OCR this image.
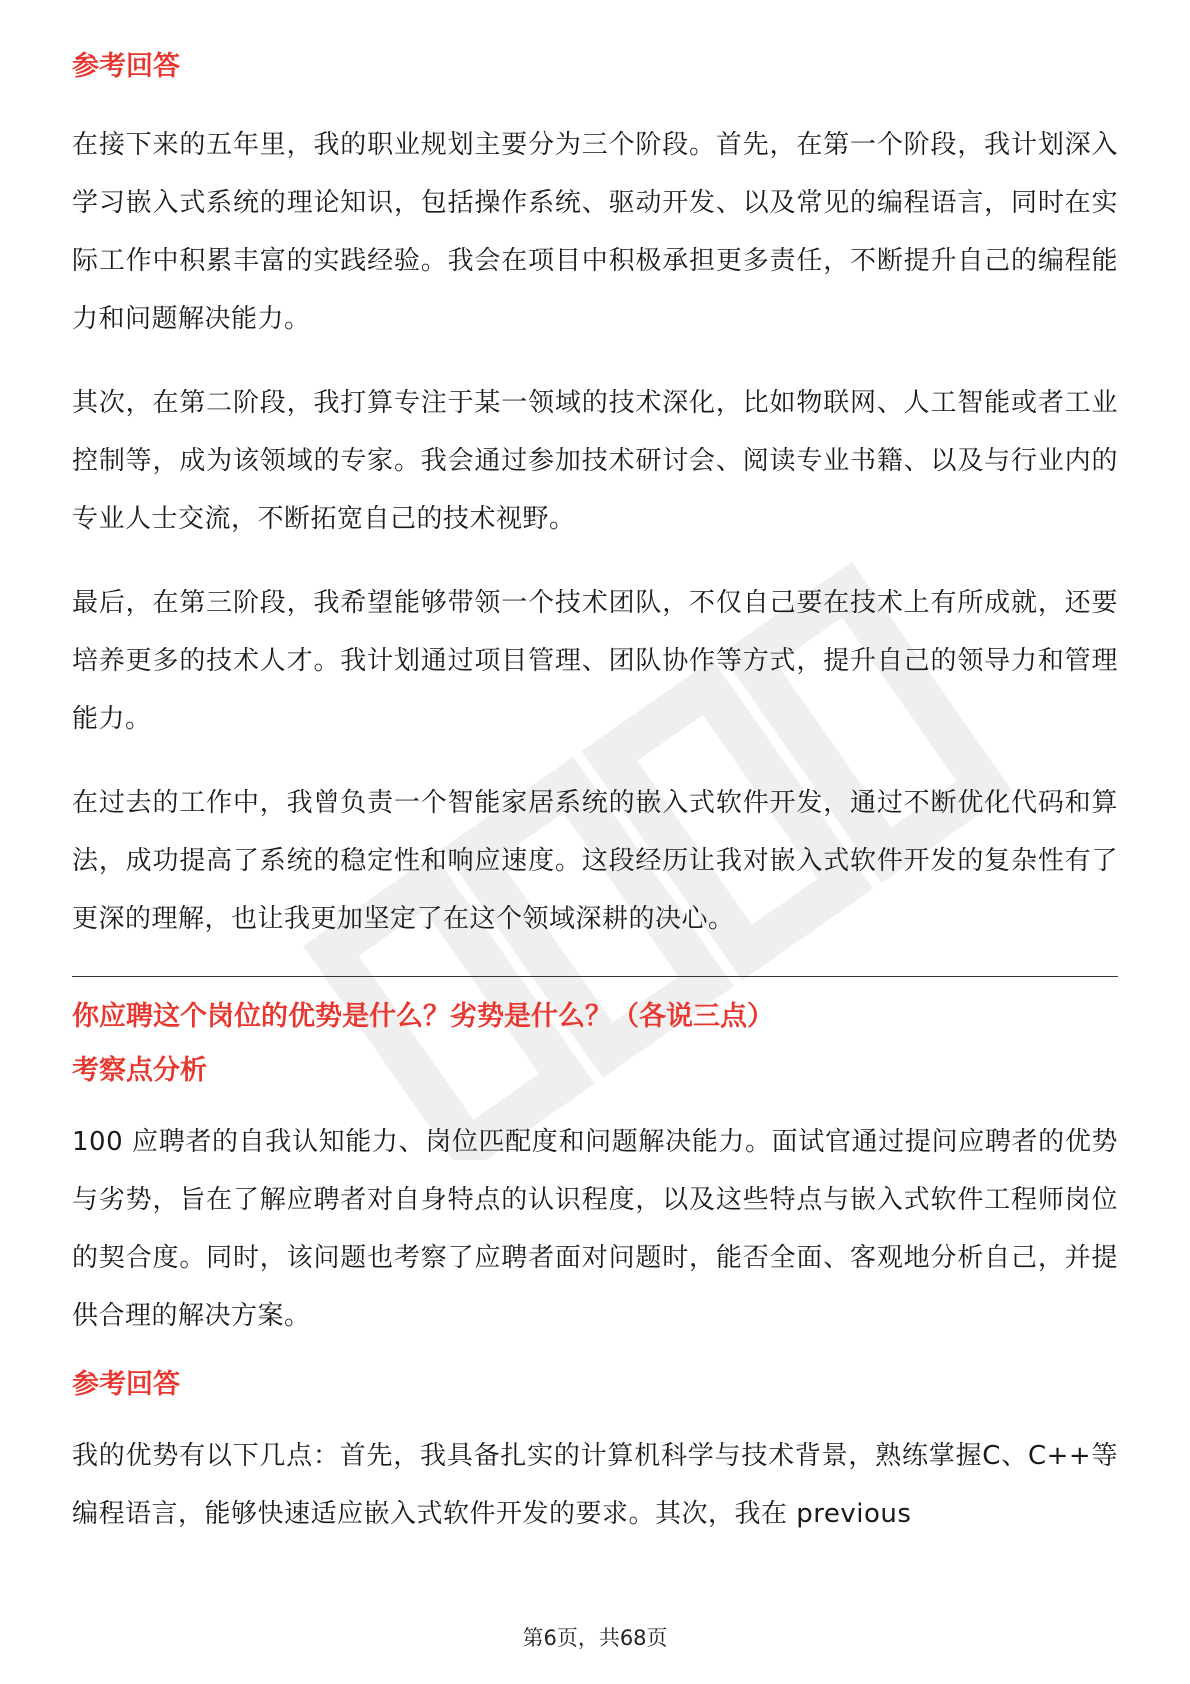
参考回答

在接下来的五年里，我的职业规划主要分为三个阶段。首先，在第一个阶段，我计划深入学习嵌入式系统的理论知识，包括操作系统、驱动开发、以及常见的编程语言，同时在实际工作中积累丰富的实践经验。我会在项目中积极承担更多责任，不断提升自己的编程能力和问题解决能力。

其次，在第二阶段，我打算专注于某一领域的技术深化，比如物联网、人工智能或者工业控制等，成为该领域的专家。我会通过参加技术研讨会、阅读专业书籍、以及与行业内的专业人士交流，不断拓宽自己的技术视野。

最后，在第三阶段，我希望能够带领一个技术团队，不仅自己要在技术上有所成就，还要培养更多的技术人才。我计划通过项目管理、团队协作等方式，提升自己的领导力和管理能力。

在过去的工作中，我曾负责一个智能家居系统的嵌入式软件开发，通过不断优化代码和算法，成功提高了系统的稳定性和响应速度。这段经历让我对嵌入式软件开发的复杂性有了更深的理解，也让我更加坚定了在这个领域深耕的决心。

你应聘这个岗位的优势是什么？劣势是什么？（各说三点）

考察点分析

100 应聘者的自我认知能力、岗位匹配度和问题解决能力。面试官通过提问应聘者的优势与劣势，旨在了解应聘者对自身特点的认识程度，以及这些特点与嵌入式软件工程师岗位的契合度。同时，该问题也考察了应聘者面对问题时，能否全面、客观地分析自己，并提供合理的解决方案。

参考回答

我的优势有以下几点：首先，我具备扎实的计算机科学与技术背景，熟练掌握C、C++等编程语言，能够快速适应嵌入式软件开发的要求。其次，我在 previous

第6页，共68页
